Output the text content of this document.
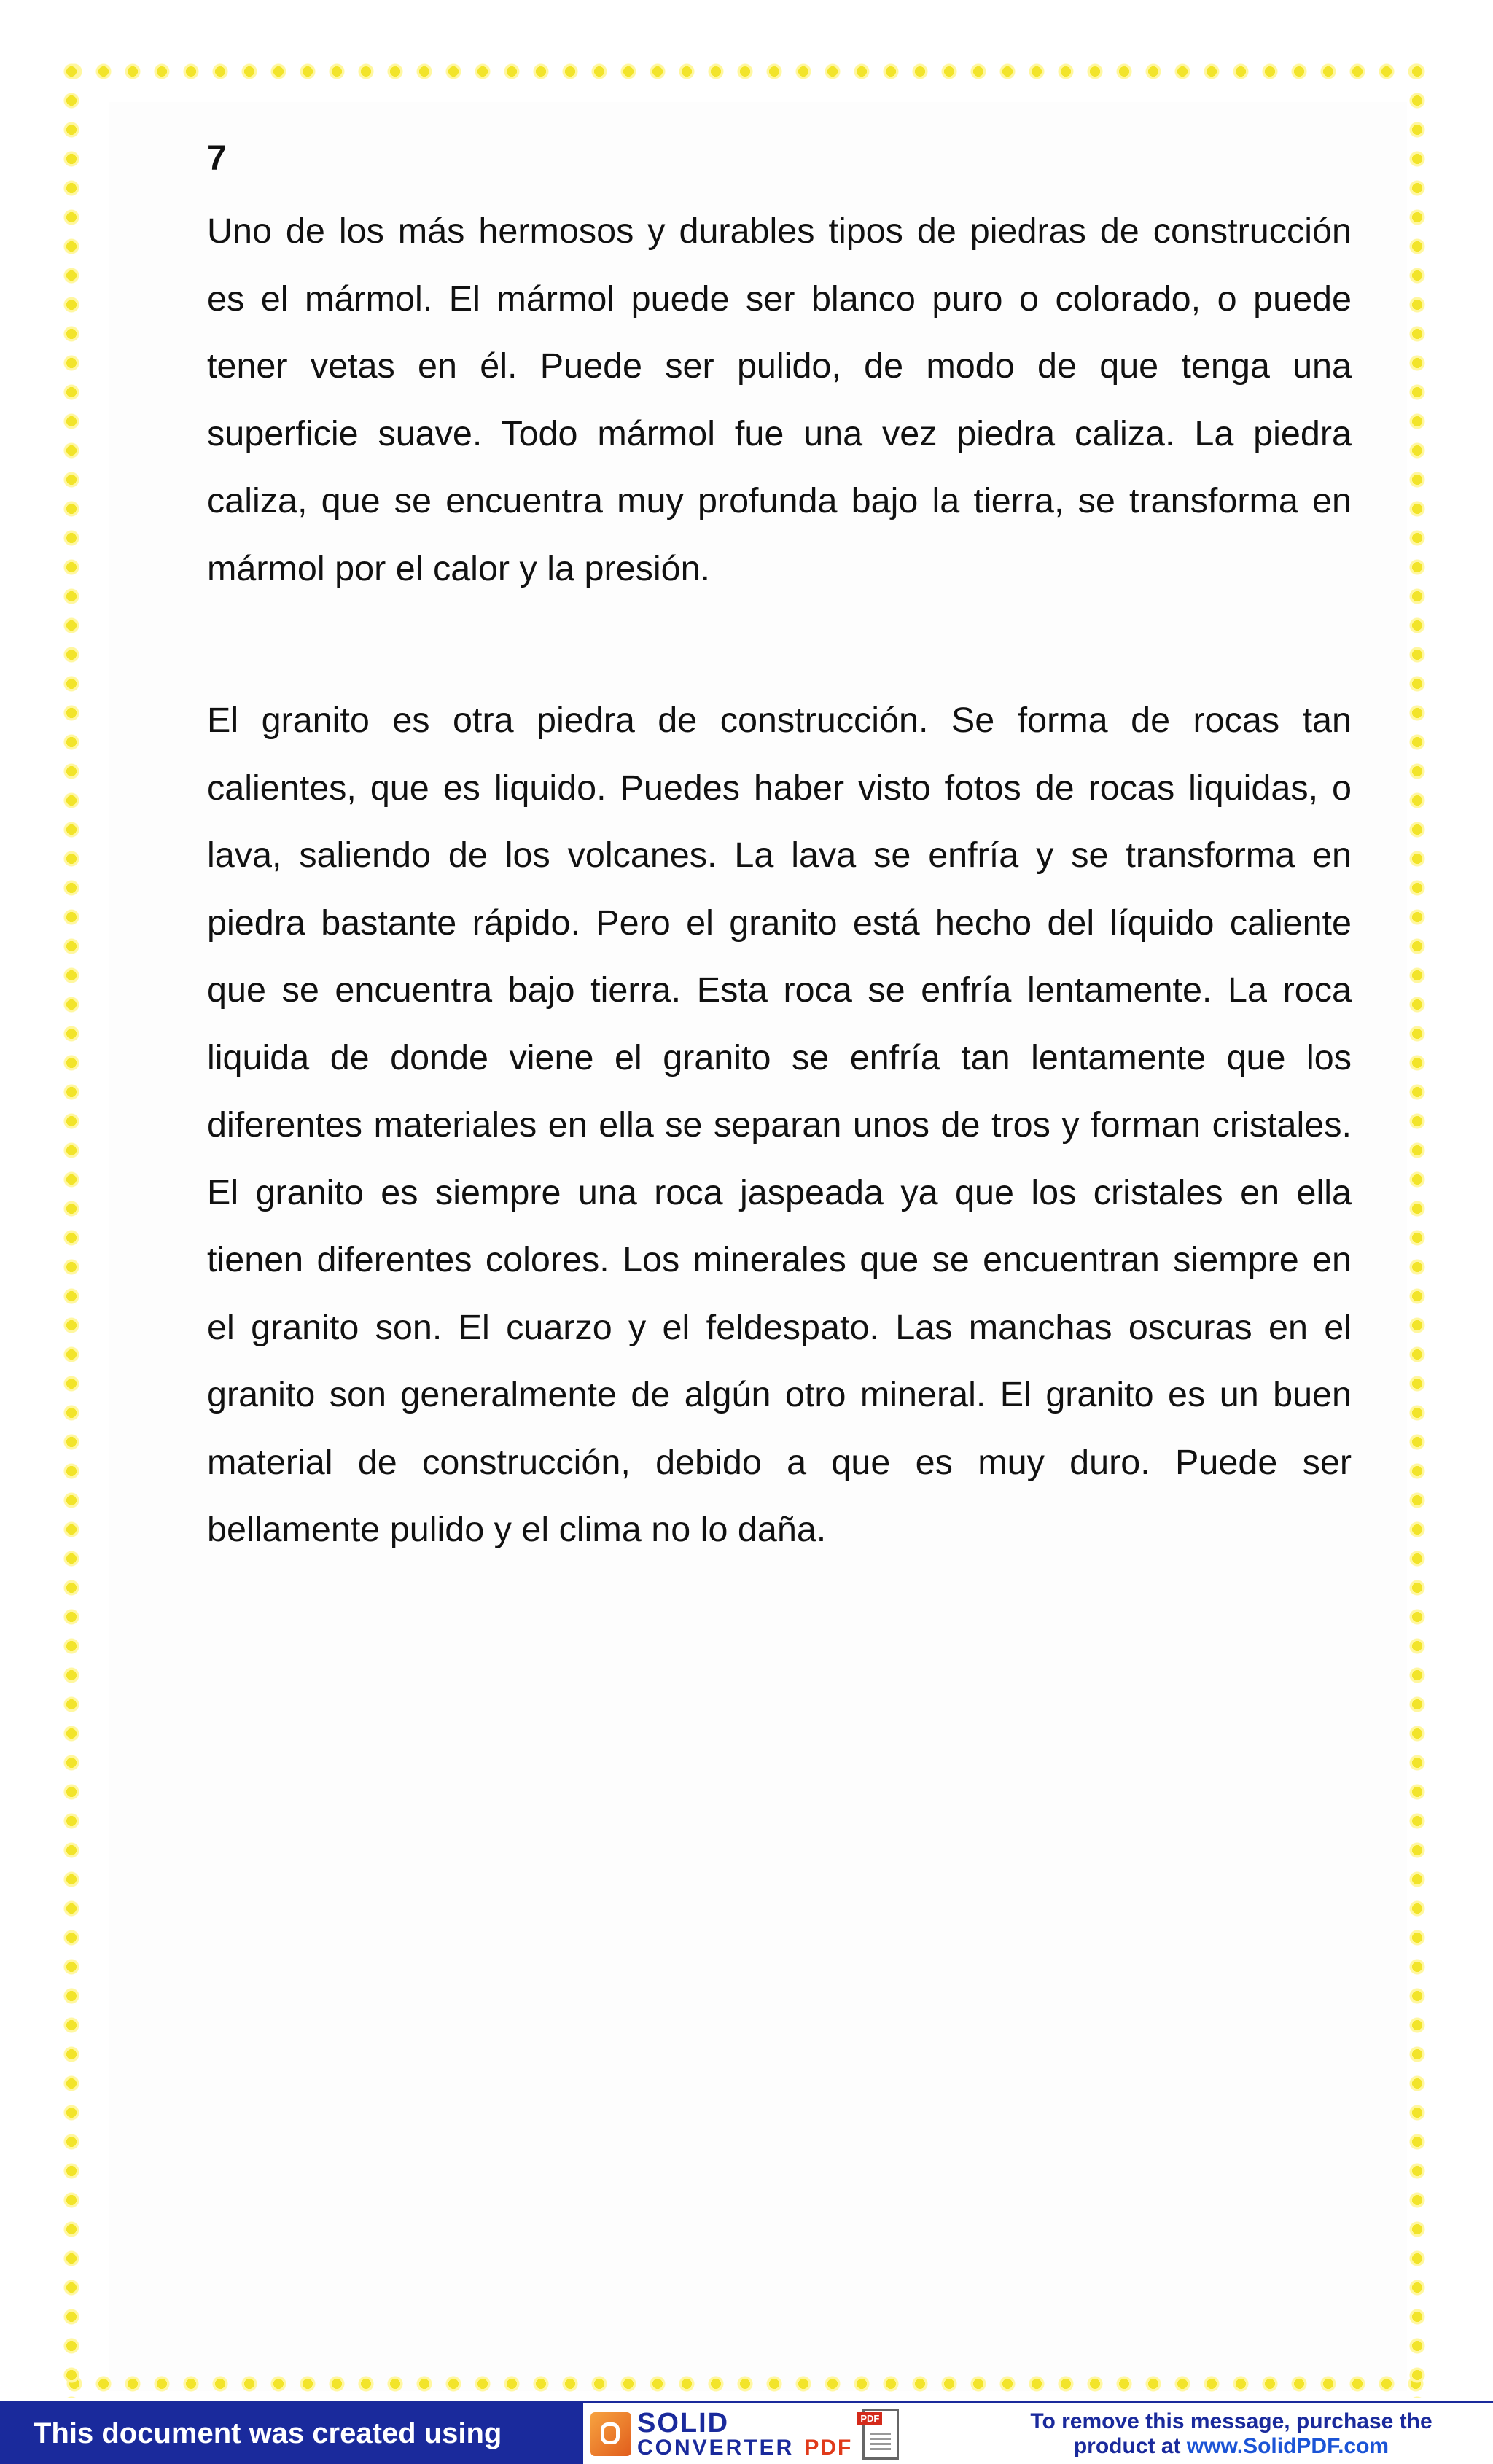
7

Uno de los más hermosos y durables tipos de piedras de construcción es el mármol. El mármol puede ser blanco puro o colorado, o puede tener vetas en él. Puede ser pulido, de modo de que tenga una superficie suave. Todo mármol fue una vez piedra caliza. La piedra caliza, que se encuentra muy profunda bajo la tierra, se transforma en mármol por el calor y la presión.

El granito es otra piedra de construcción. Se forma de rocas tan calientes, que es liquido. Puedes haber visto fotos de rocas liquidas, o lava, saliendo de los volcanes. La lava se enfría y se transforma en piedra bastante rápido. Pero el granito está hecho del líquido caliente que se encuentra bajo tierra. Esta roca se enfría lentamente. La roca liquida de donde viene el granito se enfría tan lentamente que los diferentes materiales en ella se separan unos de tros y forman cristales. El granito es siempre una roca jaspeada ya que los cristales en ella tienen diferentes colores. Los minerales que se encuentran siempre en el granito son. El cuarzo y el feldespato. Las manchas oscuras en el granito son generalmente de algún otro mineral. El granito es un buen material de construcción, debido a que es muy duro. Puede ser bellamente pulido y el clima no lo daña.

This document was created using	SOLID
CONVERTER PDF
PDF
To remove this message, purchase the
product at www.SolidPDF.com
